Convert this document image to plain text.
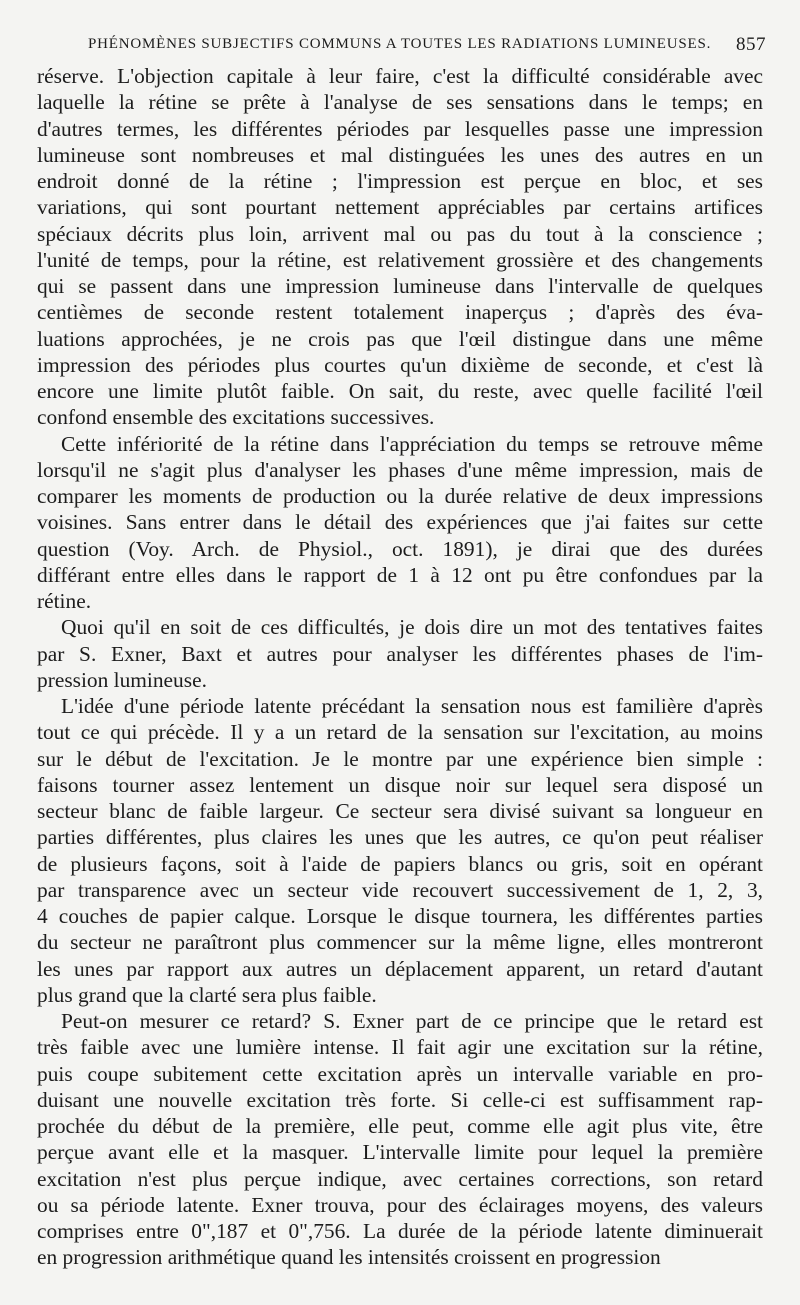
PHÉNOMÈNES SUBJECTIFS COMMUNS A TOUTES LES RADIATIONS LUMINEUSES. 857
réserve. L'objection capitale à leur faire, c'est la difficulté considérable avec
laquelle la rétine se prête à l'analyse de ses sensations dans le temps; en
d'autres termes, les différentes périodes par lesquelles passe une impression
lumineuse sont nombreuses et mal distinguées les unes des autres en un
endroit donné de la rétine ; l'impression est perçue en bloc, et ses
variations, qui sont pourtant nettement appréciables par certains artifices
spéciaux décrits plus loin, arrivent mal ou pas du tout à la conscience ;
l'unité de temps, pour la rétine, est relativement grossière et des changements
qui se passent dans une impression lumineuse dans l'intervalle de quelques
centièmes de seconde restent totalement inaperçus ; d'après des éva-
luations approchées, je ne crois pas que l'œil distingue dans une même
impression des périodes plus courtes qu'un dixième de seconde, et c'est là
encore une limite plutôt faible. On sait, du reste, avec quelle facilité l'œil
confond ensemble des excitations successives.
Cette infériorité de la rétine dans l'appréciation du temps se retrouve même
lorsqu'il ne s'agit plus d'analyser les phases d'une même impression, mais de
comparer les moments de production ou la durée relative de deux impressions
voisines. Sans entrer dans le détail des expériences que j'ai faites sur cette
question (Voy. Arch. de Physiol., oct. 1891), je dirai que des durées
différant entre elles dans le rapport de 1 à 12 ont pu être confondues par la
rétine.
Quoi qu'il en soit de ces difficultés, je dois dire un mot des tentatives faites
par S. Exner, Baxt et autres pour analyser les différentes phases de l'im-
pression lumineuse.
L'idée d'une période latente précédant la sensation nous est familière d'après
tout ce qui précède. Il y a un retard de la sensation sur l'excitation, au moins
sur le début de l'excitation. Je le montre par une expérience bien simple :
faisons tourner assez lentement un disque noir sur lequel sera disposé un
secteur blanc de faible largeur. Ce secteur sera divisé suivant sa longueur en
parties différentes, plus claires les unes que les autres, ce qu'on peut réaliser
de plusieurs façons, soit à l'aide de papiers blancs ou gris, soit en opérant
par transparence avec un secteur vide recouvert successivement de 1, 2, 3,
4 couches de papier calque. Lorsque le disque tournera, les différentes parties
du secteur ne paraîtront plus commencer sur la même ligne, elles montreront
les unes par rapport aux autres un déplacement apparent, un retard d'autant
plus grand que la clarté sera plus faible.
Peut-on mesurer ce retard? S. Exner part de ce principe que le retard est
très faible avec une lumière intense. Il fait agir une excitation sur la rétine,
puis coupe subitement cette excitation après un intervalle variable en pro-
duisant une nouvelle excitation très forte. Si celle-ci est suffisamment rap-
prochée du début de la première, elle peut, comme elle agit plus vite, être
perçue avant elle et la masquer. L'intervalle limite pour lequel la première
excitation n'est plus perçue indique, avec certaines corrections, son retard
ou sa période latente. Exner trouva, pour des éclairages moyens, des valeurs
comprises entre 0",187 et 0",756. La durée de la période latente diminuerait
en progression arithmétique quand les intensités croissent en progression
